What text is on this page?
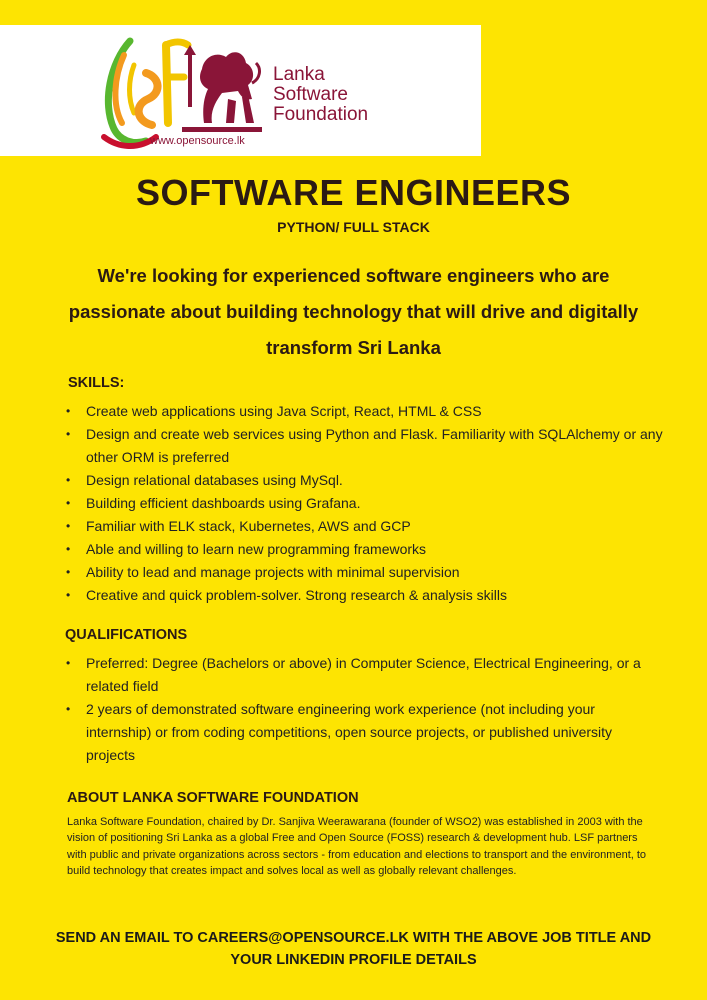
Lanka
Software
Foundation
www.opensource.lk
SOFTWARE ENGINEERS
PYTHON/ FULL STACK
We're looking for experienced software engineers who are passionate about building technology that will drive and digitally transform Sri Lanka
SKILLS:
• Create web applications using Java Script, React, HTML & CSS
• Design and create web services using Python and Flask. Familiarity with SQLAlchemy or any other ORM is preferred
• Design relational databases using MySql.
• Building efficient dashboards using Grafana.
• Familiar with ELK stack, Kubernetes, AWS and GCP
• Able and willing to learn new programming frameworks
• Ability to lead and manage projects with minimal supervision
• Creative and quick problem-solver. Strong research & analysis skills
QUALIFICATIONS
• Preferred: Degree (Bachelors or above) in Computer Science, Electrical Engineering, or a related field
• 2 years of demonstrated software engineering work experience (not including your internship) or from coding competitions, open source projects, or published university projects
ABOUT LANKA SOFTWARE FOUNDATION
Lanka Software Foundation, chaired by Dr. Sanjiva Weerawarana (founder of WSO2) was established in 2003 with the vision of positioning Sri Lanka as a global Free and Open Source (FOSS) research & development hub. LSF partners with public and private organizations across sectors - from education and elections to transport and the environment, to build technology that creates impact and solves local as well as globally relevant challenges.
SEND AN EMAIL TO CAREERS@OPENSOURCE.LK WITH THE ABOVE JOB TITLE AND YOUR LINKEDIN PROFILE DETAILS
